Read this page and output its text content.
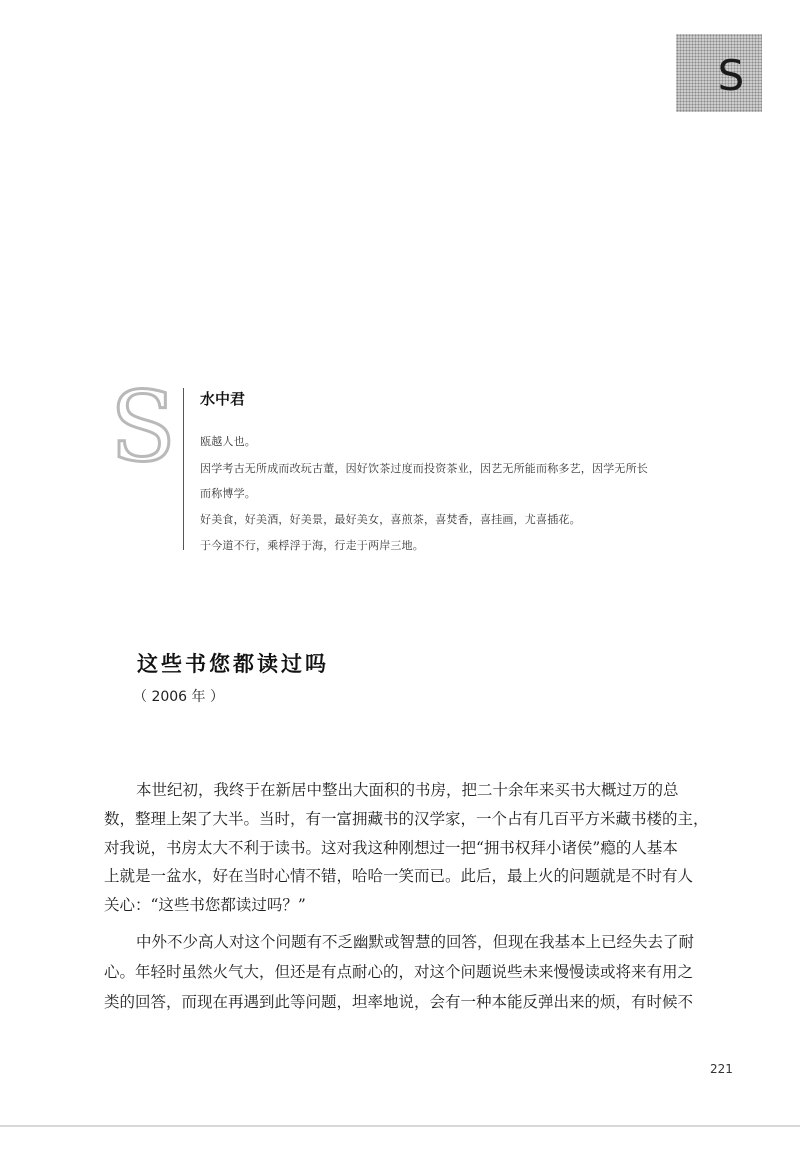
S
S 水中君
瓯越人也。
因学考古无所成而改玩古董，因好饮茶过度而投资茶业，因艺无所能而称多艺，因学无所长
而称博学。
好美食，好美酒，好美景，最好美女，喜煎茶，喜焚香，喜挂画，尤喜插花。
于今道不行，乘桴浮于海，行走于两岸三地。
这些书您都读过吗
（ 2006 年 ）
本世纪初，我终于在新居中整出大面积的书房，把二十余年来买书大概过万的总
数，整理上架了大半。当时，有一富拥藏书的汉学家，一个占有几百平方米藏书楼的主，
对我说，书房太大不利于读书。这对我这种刚想过一把“拥书权拜小诸侯”瘾的人基本
上就是一盆水，好在当时心情不错，哈哈一笑而已。此后，最上火的问题就是不时有人
关心：“这些书您都读过吗？”
中外不少高人对这个问题有不乏幽默或智慧的回答，但现在我基本上已经失去了耐
心。年轻时虽然火气大，但还是有点耐心的，对这个问题说些未来慢慢读或将来有用之
类的回答，而现在再遇到此等问题，坦率地说，会有一种本能反弹出来的烦，有时候不
221
